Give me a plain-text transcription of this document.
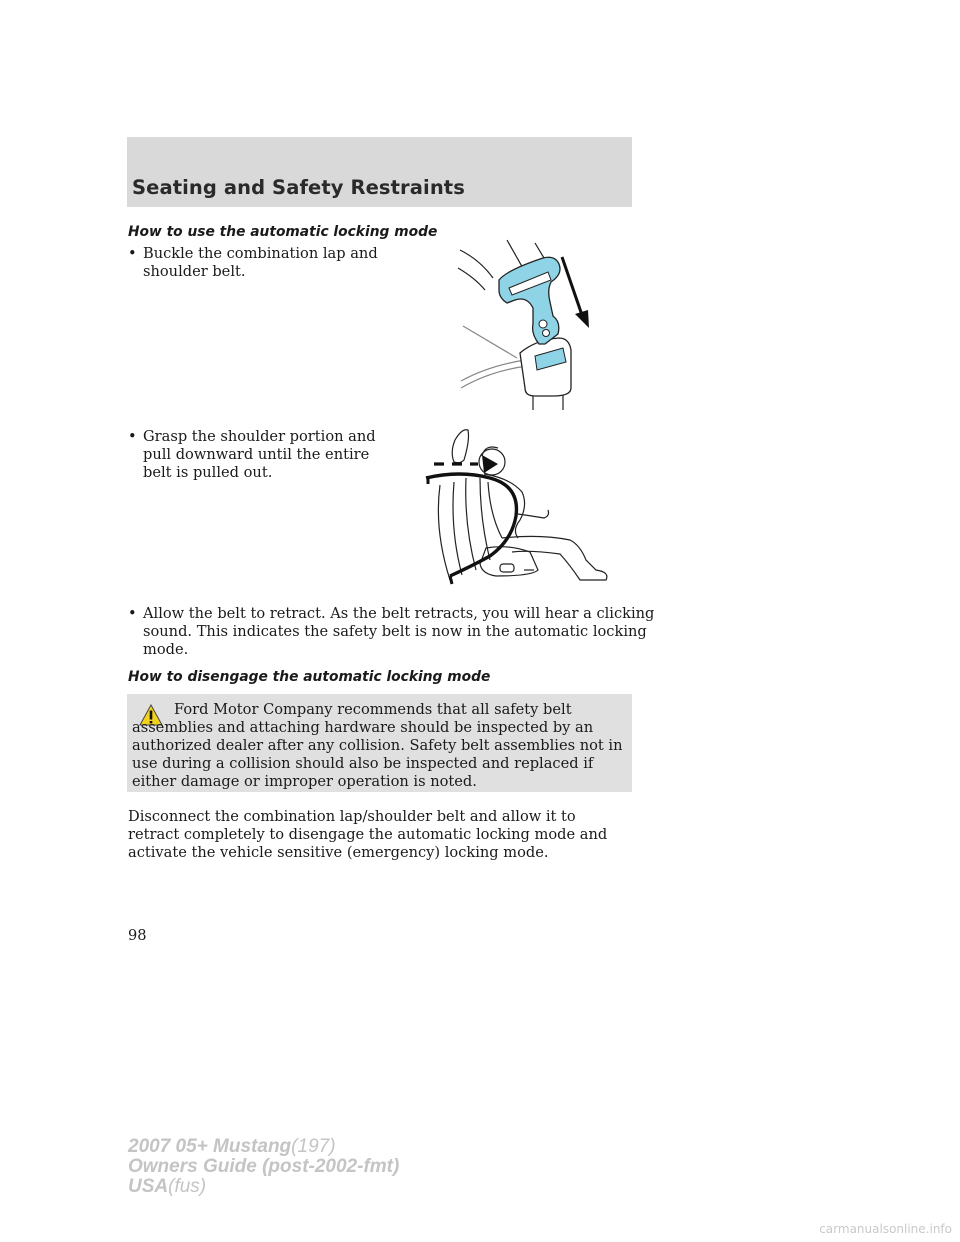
Seating and Safety Restraints
How to use the automatic locking mode
• Buckle the combination lap and
shoulder belt.
• Grasp the shoulder portion and
pull downward until the entire
belt is pulled out.
• Allow the belt to retract. As the belt retracts, you will hear a clicking
sound. This indicates the safety belt is now in the automatic locking
mode.
How to disengage the automatic locking mode
Ford Motor Company recommends that all safety belt assemblies and attaching hardware should be inspected by an authorized dealer after any collision. Safety belt assemblies not in use during a collision should also be inspected and replaced if either damage or improper operation is noted.
Disconnect the combination lap/shoulder belt and allow it to retract completely to disengage the automatic locking mode and activate the vehicle sensitive (emergency) locking mode.
98
2007 05+ Mustang(197)
Owners Guide (post-2002-fmt)
USA(fus)
carmanualsonline.info
